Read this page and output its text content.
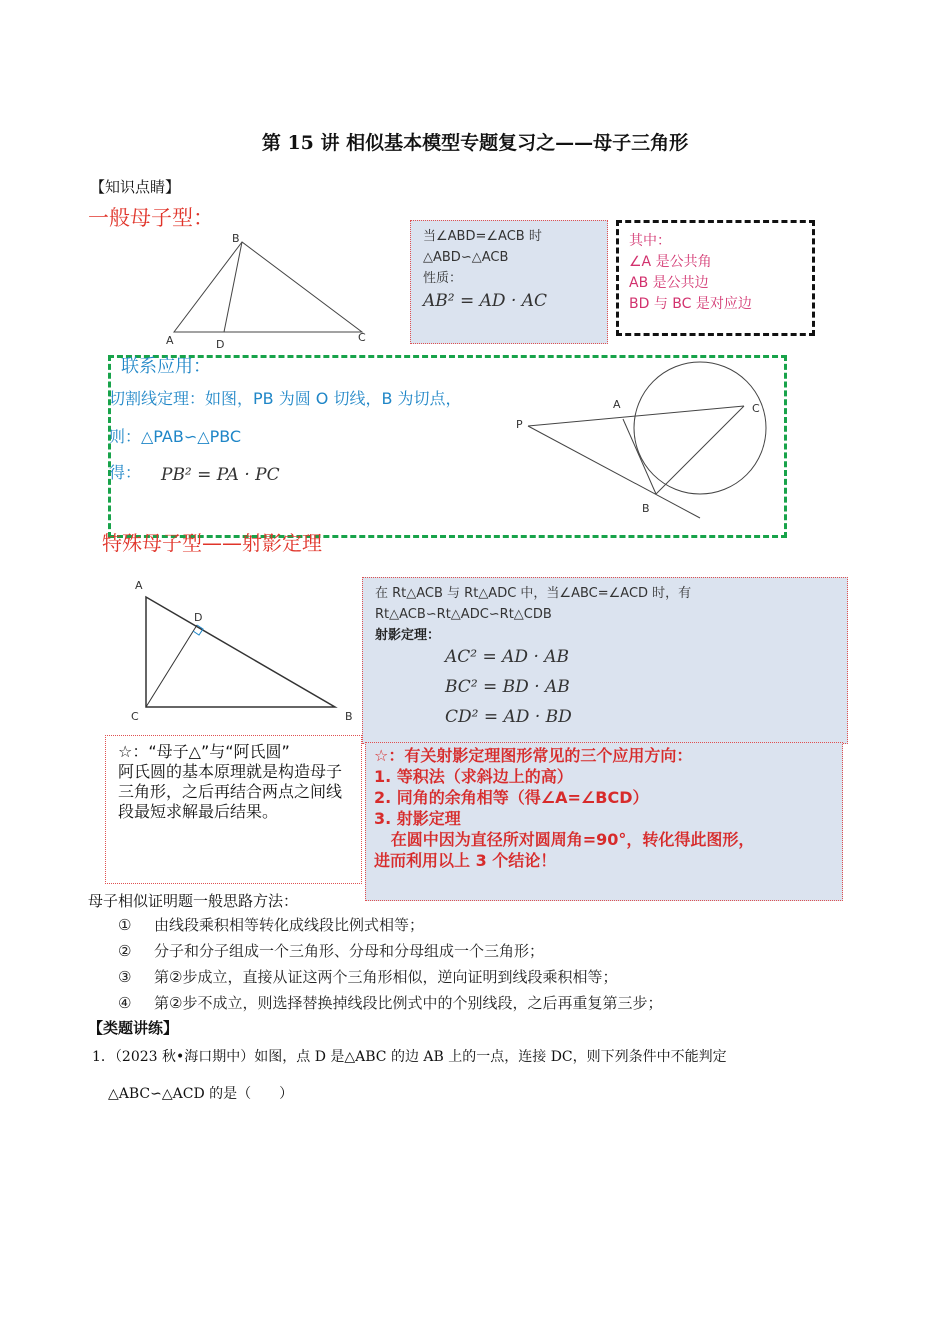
第 15 讲 相似基本模型专题复习之——母子三角形
【知识点睛】
一般母子型：
B
A	D
C
当∠ABD=∠ACB 时
△ABD∽△ACB
性质：
AB² = AD · AC
其中：
∠A 是公共角
AB 是公共边
BD 与 BC 是对应边
联系应用：
切割线定理：如图，PB 为圆 O 切线，B 为切点，
则：△PAB∽△PBC
得： PB² = PA · PC
P
A	C
B
特殊母子型——射影定理
A
D
C	B
在 Rt△ACB 与 Rt△ADC 中，当∠ABC=∠ACD 时，有
Rt△ACB∽Rt△ADC∽Rt△CDB
射影定理：
AC² = AD · AB
BC² = BD · AB
CD² = AD · BD
☆：“母子△”与“阿氏圆”
阿氏圆的基本原理就是构造母子三角形，之后再结合两点之间线段最短求解最后结果。
☆：有关射影定理图形常见的三个应用方向：
1. 等积法（求斜边上的高）
2. 同角的余角相等（得∠A=∠BCD）
3. 射影定理
在圆中因为直径所对圆周角=90°，转化得此图形，
进而利用以上 3 个结论！
母子相似证明题一般思路方法：
① 由线段乘积相等转化成线段比例式相等；
② 分子和分子组成一个三角形、分母和分母组成一个三角形；
③ 第②步成立，直接从证这两个三角形相似，逆向证明到线段乘积相等；
④ 第②步不成立，则选择替换掉线段比例式中的个别线段，之后再重复第三步；
【类题讲练】
1．（2023 秋•海口期中）如图，点 D 是△ABC 的边 AB 上的一点，连接 DC，则下列条件中不能判定
△ABC∽△ACD 的是（　　）
